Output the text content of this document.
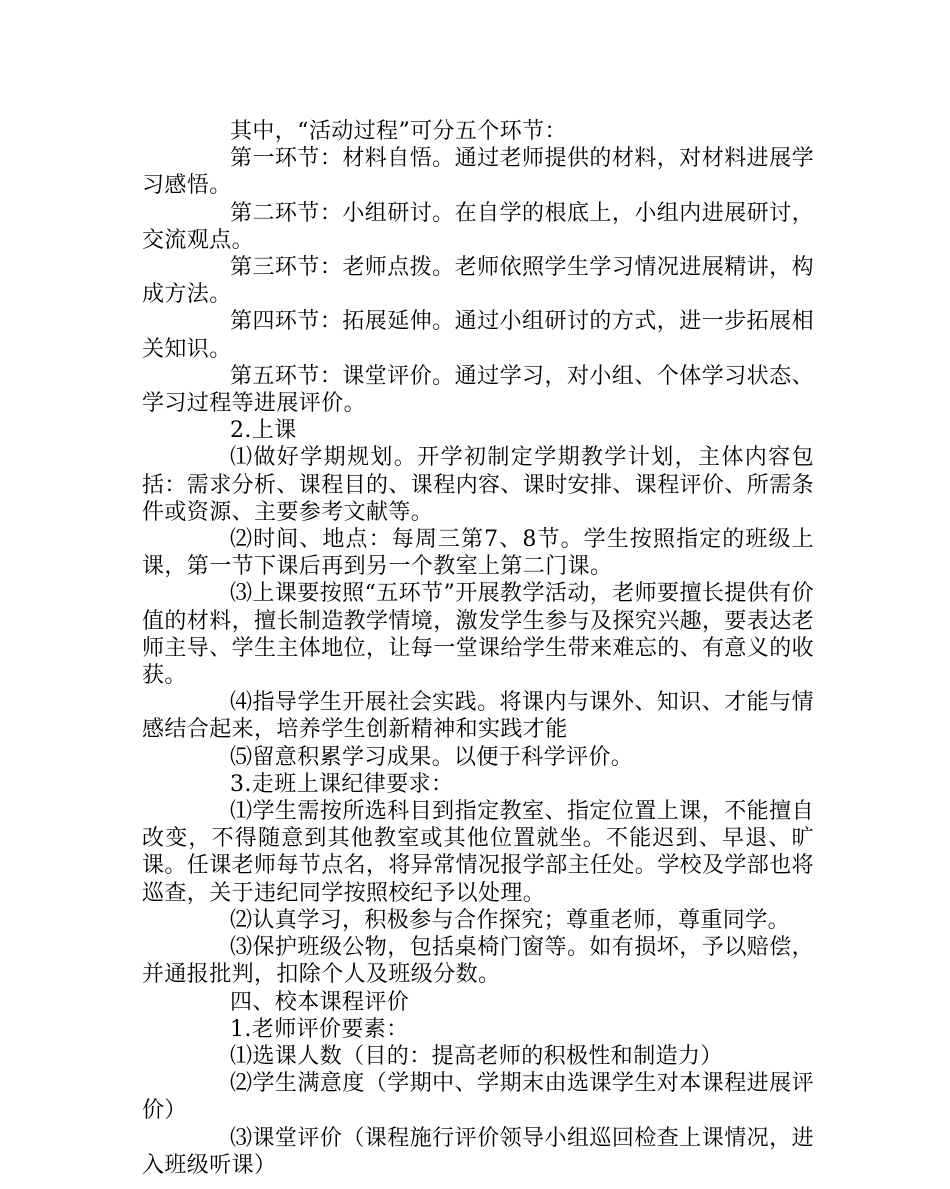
其中，“活动过程”可分五个环节：

第一环节：材料自悟。通过老师提供的材料，对材料进展学习感悟。

第二环节：小组研讨。在自学的根底上，小组内进展研讨，交流观点。

第三环节：老师点拨。老师依照学生学习情况进展精讲，构成方法。

第四环节：拓展延伸。通过小组研讨的方式，进一步拓展相关知识。

第五环节：课堂评价。通过学习，对小组、个体学习状态、学习过程等进展评价。

2.上课

⑴做好学期规划。开学初制定学期教学计划，主体内容包括：需求分析、课程目的、课程内容、课时安排、课程评价、所需条件或资源、主要参考文献等。

⑵时间、地点：每周三第7、8节。学生按照指定的班级上课，第一节下课后再到另一个教室上第二门课。

⑶上课要按照“五环节”开展教学活动，老师要擅长提供有价值的材料，擅长制造教学情境，激发学生参与及探究兴趣，要表达老师主导、学生主体地位，让每一堂课给学生带来难忘的、有意义的收获。

⑷指导学生开展社会实践。将课内与课外、知识、才能与情感结合起来，培养学生创新精神和实践才能

⑸留意积累学习成果。以便于科学评价。

3.走班上课纪律要求：

⑴学生需按所选科目到指定教室、指定位置上课，不能擅自改变，不得随意到其他教室或其他位置就坐。不能迟到、早退、旷课。任课老师每节点名，将异常情况报学部主任处。学校及学部也将巡查，关于违纪同学按照校纪予以处理。

⑵认真学习，积极参与合作探究；尊重老师，尊重同学。

⑶保护班级公物，包括桌椅门窗等。如有损坏，予以赔偿，并通报批判，扣除个人及班级分数。

四、校本课程评价

1.老师评价要素：

⑴选课人数（目的：提高老师的积极性和制造力）

⑵学生满意度（学期中、学期末由选课学生对本课程进展评价）

⑶课堂评价（课程施行评价领导小组巡回检查上课情况，进入班级听课）
